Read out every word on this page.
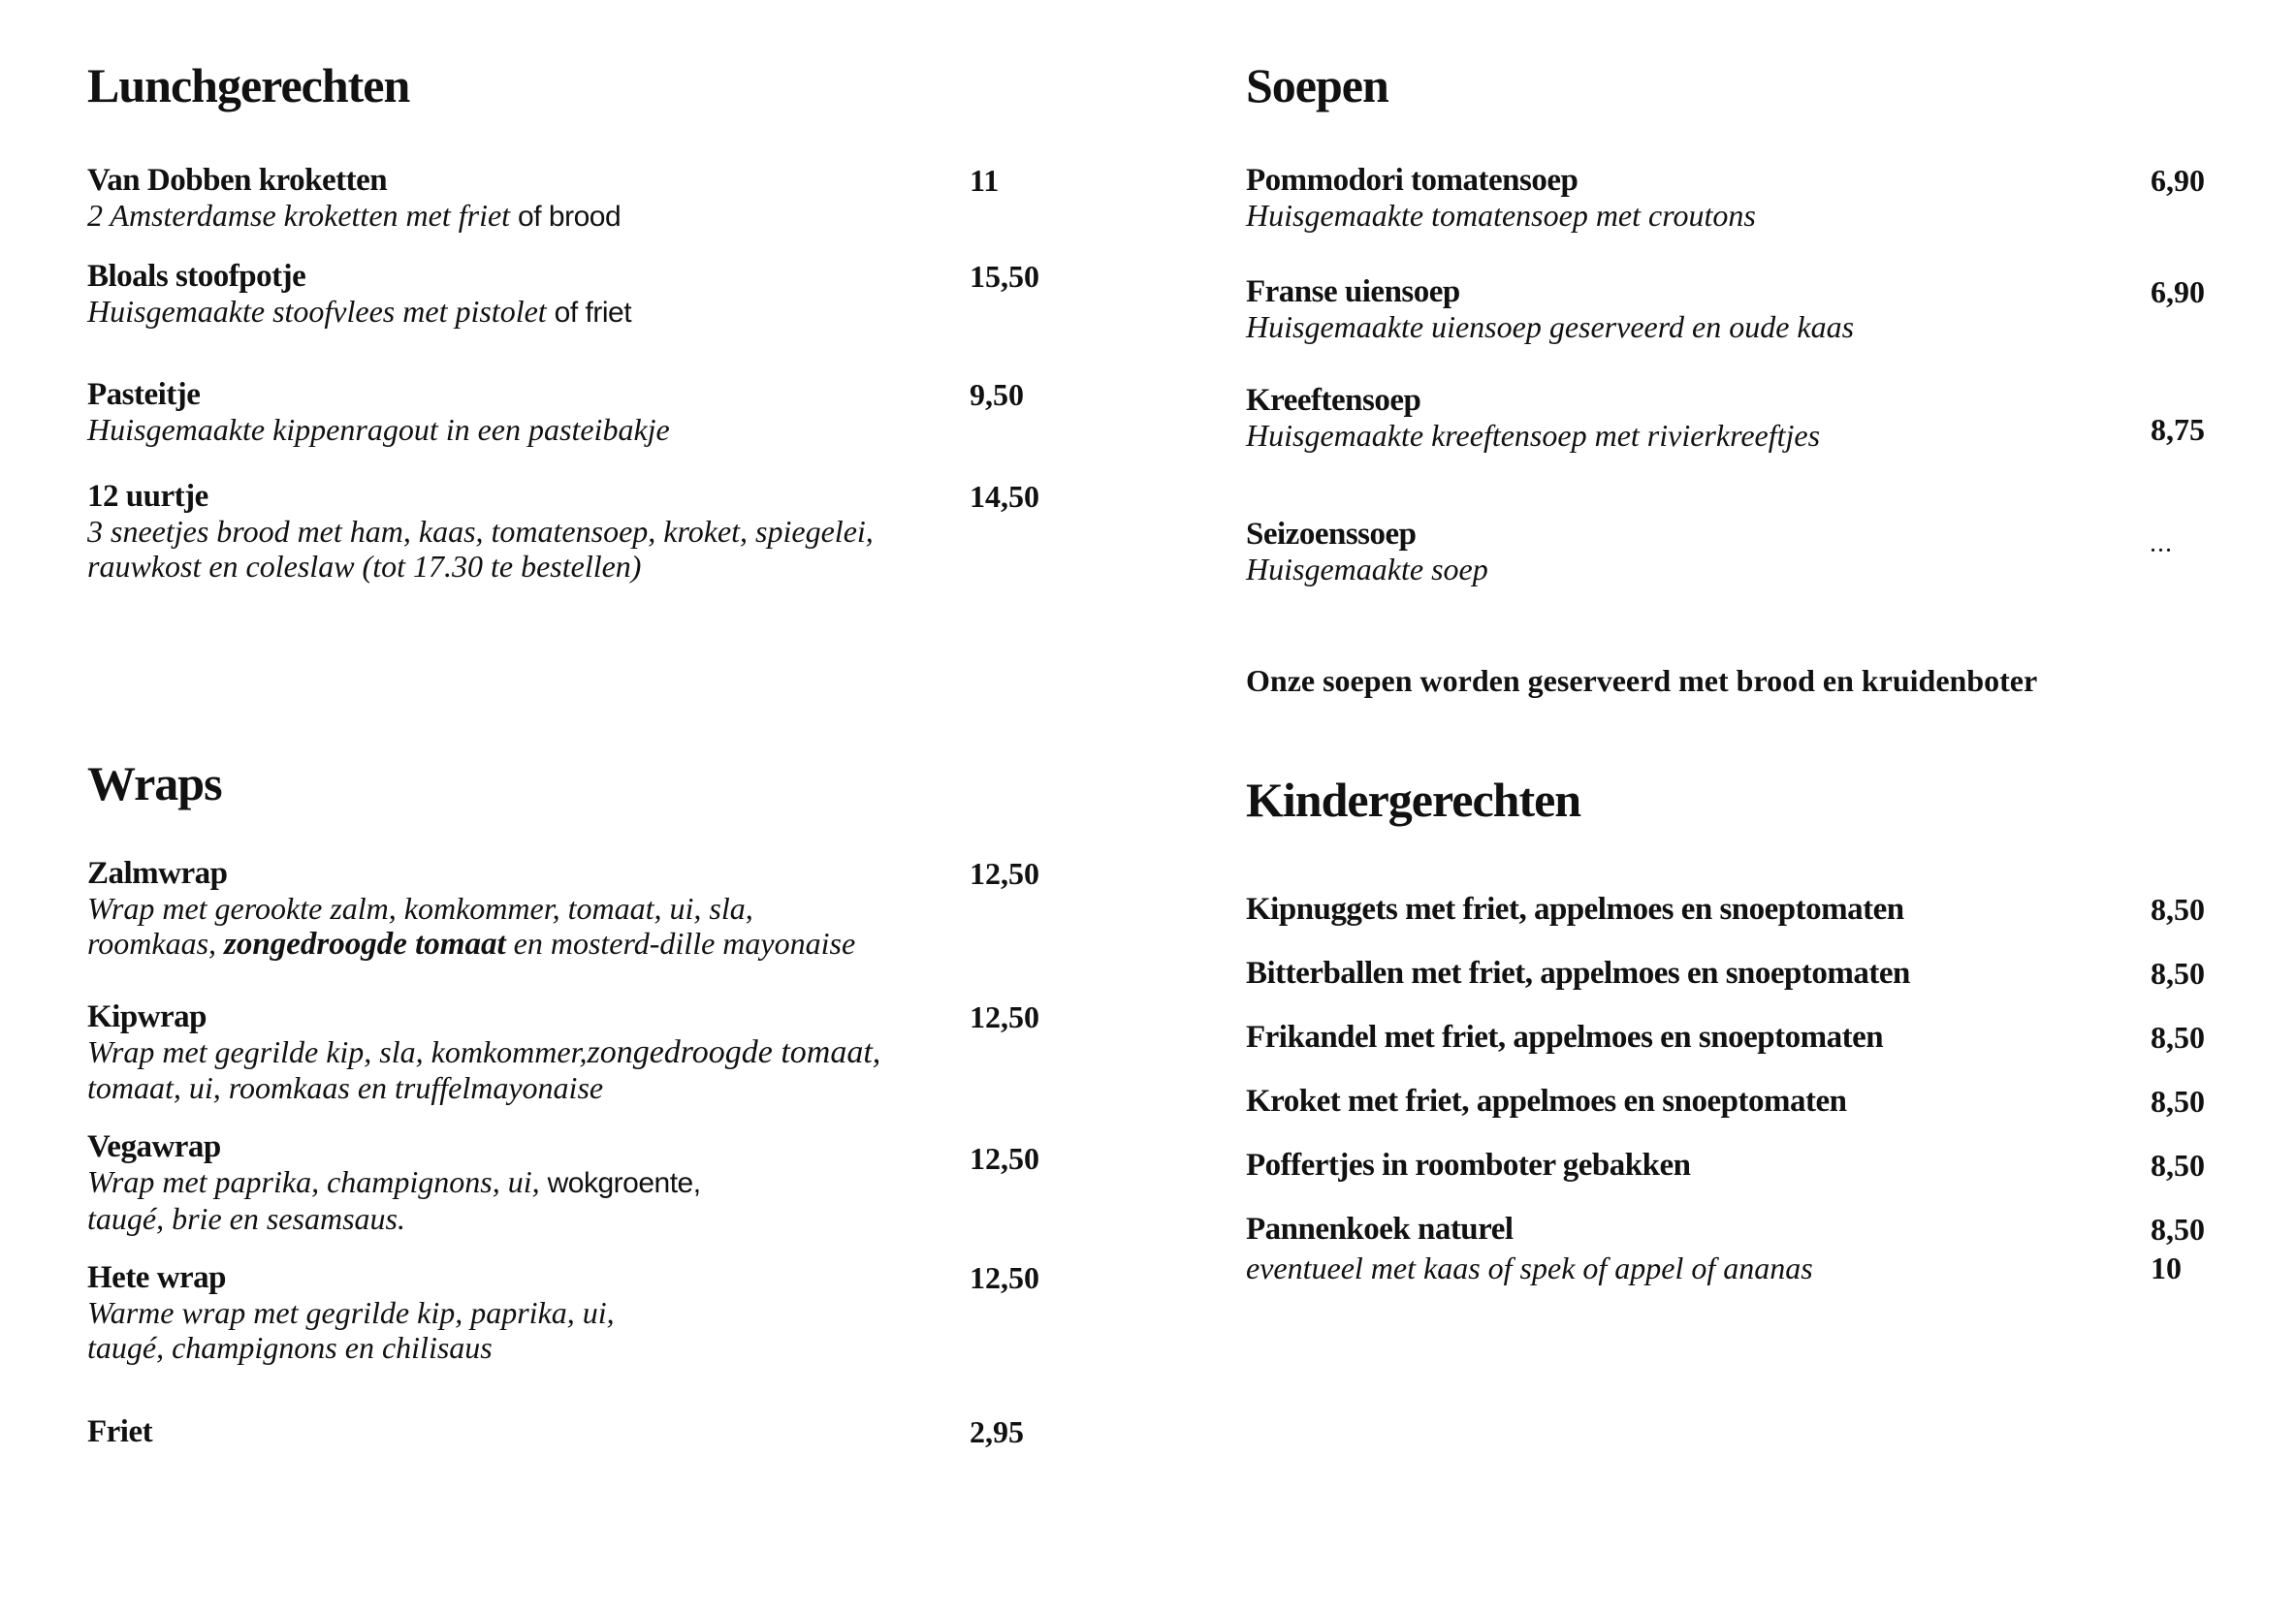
Lunchgerechten
Van Dobben kroketten
2 Amsterdamse kroketten met friet of brood
11
Bloals stoofpotje
Huisgemaakte stoofvlees met pistolet of friet
15,50
Pasteitje
Huisgemaakte kippenragout in een pasteibakje
9,50
12 uurtje
3 sneetjes brood met ham, kaas, tomatensoep, kroket, spiegelei,
rauwkost en coleslaw (tot 17.30 te bestellen)
14,50
Soepen
Pommodori tomatensoep
Huisgemaakte tomatensoep met croutons
6,90
Franse uiensoep
Huisgemaakte uiensoep geserveerd en oude kaas
6,90
Kreeftensoep
Huisgemaakte kreeftensoep met rivierkreeftjes	8,75
Seizoenssoep
Huisgemaakte soep
...
Onze soepen worden geserveerd met brood en kruidenboter
Wraps
Zalmwrap
Wrap met gerookte zalm, komkommer, tomaat, ui, sla,
roomkaas, zongedroogde tomaat en mosterd-dille mayonaise
12,50
Kipwrap
Wrap met gegrilde kip, sla, komkommer,zongedroogde tomaat,
tomaat, ui, roomkaas en truffelmayonaise
12,50
Vegawrap
Wrap met paprika, champignons, ui, wokgroente,
taugé, brie en sesamsaus.
12,50
Hete wrap
Warme wrap met gegrilde kip, paprika, ui,
taugé, champignons en chilisaus
12,50
Friet	2,95
Kindergerechten
Kipnuggets met friet, appelmoes en snoeptomaten	8,50
Bitterballen met friet, appelmoes en snoeptomaten	8,50
Frikandel met friet, appelmoes en snoeptomaten	8,50
Kroket met friet, appelmoes en snoeptomaten	8,50
Poffertjes in roomboter gebakken	8,50
Pannenkoek naturel
eventueel met kaas of spek of appel of ananas
8,50
10
